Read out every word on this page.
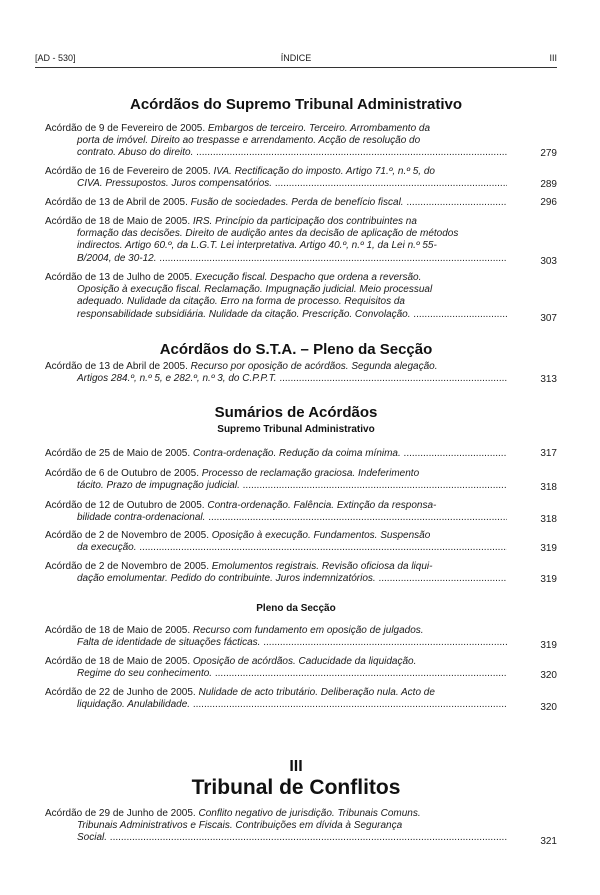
[AD - 530]	ÍNDICE	III
Acórdãos do Supremo Tribunal Administrativo
Acórdão de 9 de Fevereiro de 2005. Embargos de terceiro. Terceiro. Arrombamento da
porta de imóvel. Direito ao trespasse e arrendamento. Acção de resolução do
contrato. Abuso do direito. .....	279
Acórdão de 16 de Fevereiro de 2005. IVA. Rectificação do imposto. Artigo 71.º, n.º 5, do
CIVA. Pressupostos. Juros compensatórios. .....	289
Acórdão de 13 de Abril de 2005. Fusão de sociedades. Perda de benefício fiscal. .....	296
Acórdão de 18 de Maio de 2005. IRS. Princípio da participação dos contribuintes na
formação das decisões. Direito de audição antes da decisão de aplicação de métodos
indirectos. Artigo 60.º, da L.G.T. Lei interpretativa. Artigo 40.º, n.º 1, da Lei n.º 55-
B/2004, de 30-12. .....	303
Acórdão de 13 de Julho de 2005. Execução fiscal. Despacho que ordena a reversão.
Oposição à execução fiscal. Reclamação. Impugnação judicial. Meio processual
adequado. Nulidade da citação. Erro na forma de processo. Requisitos da
responsabilidade subsidiária. Nulidade da citação. Prescrição. Convolação. .....	307
Acórdãos do S.T.A. – Pleno da Secção
Acórdão de 13 de Abril de 2005. Recurso por oposição de acórdãos. Segunda alegação.
Artigos 284.º, n.º 5, e 282.º, n.º 3, do C.P.P.T. .....	313
Sumários de Acórdãos
Supremo Tribunal Administrativo
Acórdão de 25 de Maio de 2005. Contra-ordenação. Redução da coima mínima. .....	317
Acórdão de 6 de Outubro de 2005. Processo de reclamação graciosa. Indeferimento
tácito. Prazo de impugnação judicial. .....	318
Acórdão de 12 de Outubro de 2005. Contra-ordenação. Falência. Extinção da responsa-
bilidade contra-ordenacional. .....	318
Acórdão de 2 de Novembro de 2005. Oposição à execução. Fundamentos. Suspensão
da execução. .....	319
Acórdão de 2 de Novembro de 2005. Emolumentos registrais. Revisão oficiosa da liqui-
dação emolumentar. Pedido do contribuinte. Juros indemnizatórios. .....	319
Pleno da Secção
Acórdão de 18 de Maio de 2005. Recurso com fundamento em oposição de julgados.
Falta de identidade de situações fácticas. .....	319
Acórdão de 18 de Maio de 2005. Oposição de acórdãos. Caducidade da liquidação.
Regime do seu conhecimento. .....	320
Acórdão de 22 de Junho de 2005. Nulidade de acto tributário. Deliberação nula. Acto de
liquidação. Anulabilidade. .....	320
III
Tribunal de Conflitos
Acórdão de 29 de Junho de 2005. Conflito negativo de jurisdição. Tribunais Comuns.
Tribunais Administrativos e Fiscais. Contribuições em dívida à Segurança
Social. .....	321
